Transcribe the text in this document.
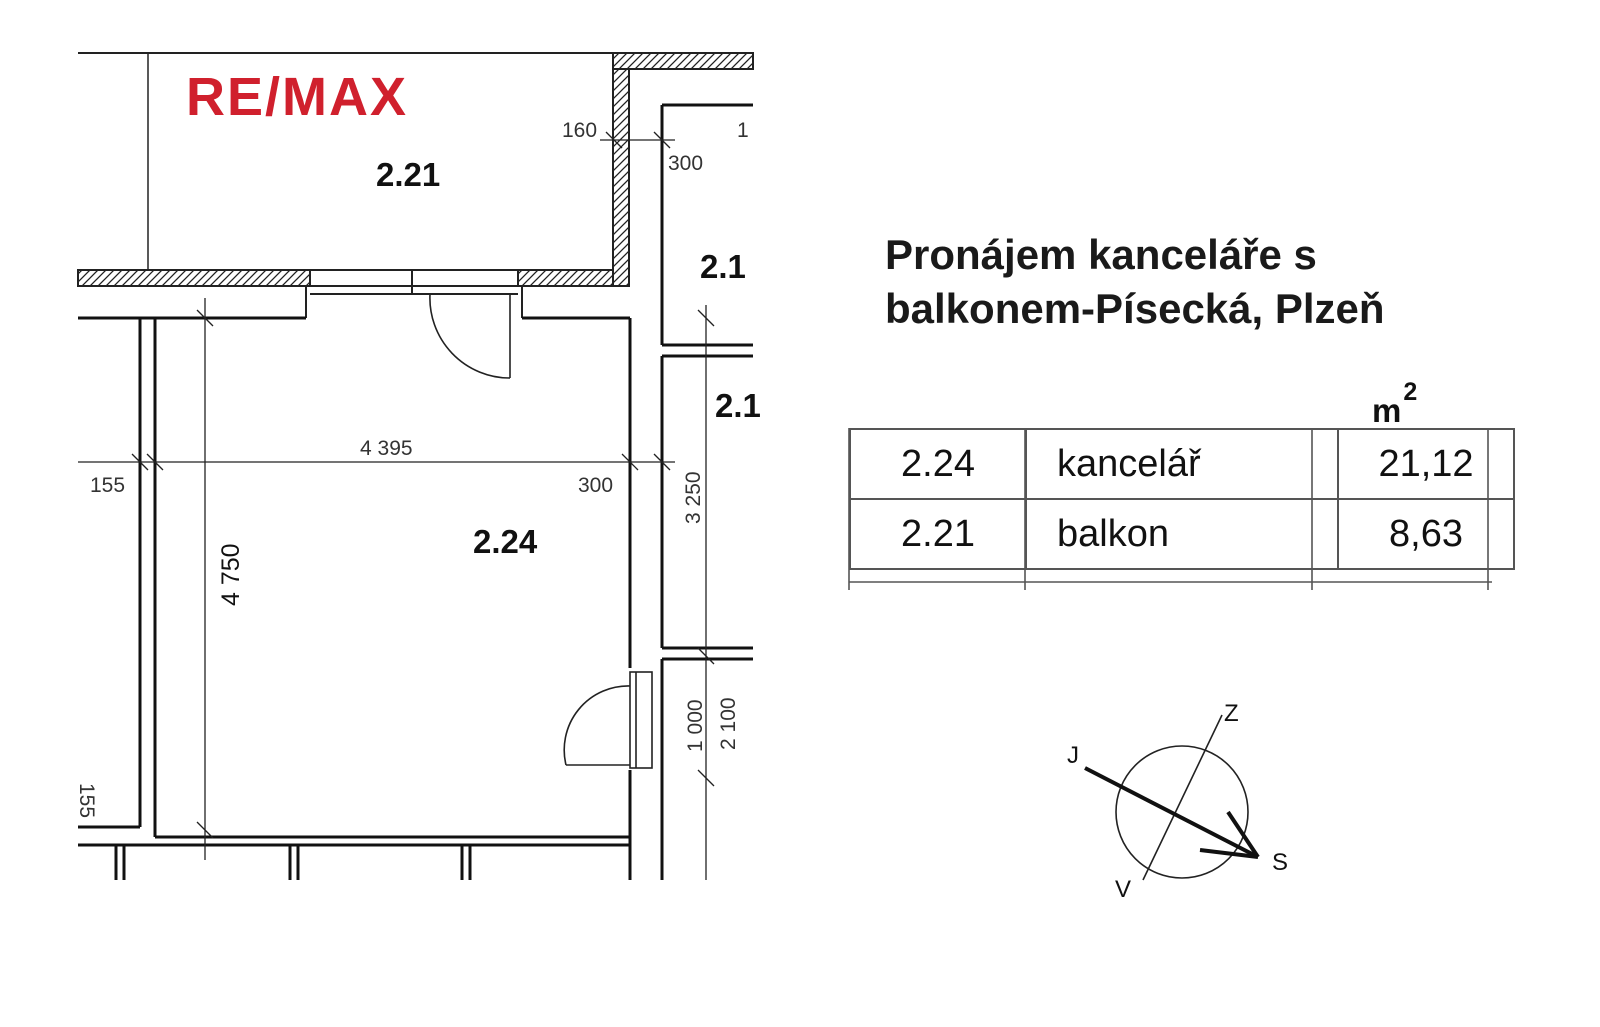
RE/MAX
2.21
2.24
2.1
2.1
160	1
300
155
4 395
300	3 250
4 750
1 000 2 100
155
Z
J
S
V
Pronájem kanceláře s
balkonem-Písecká, Plzeň
$m^2$
2.24	kancelář	21,12
2.21	balkon	8,63
